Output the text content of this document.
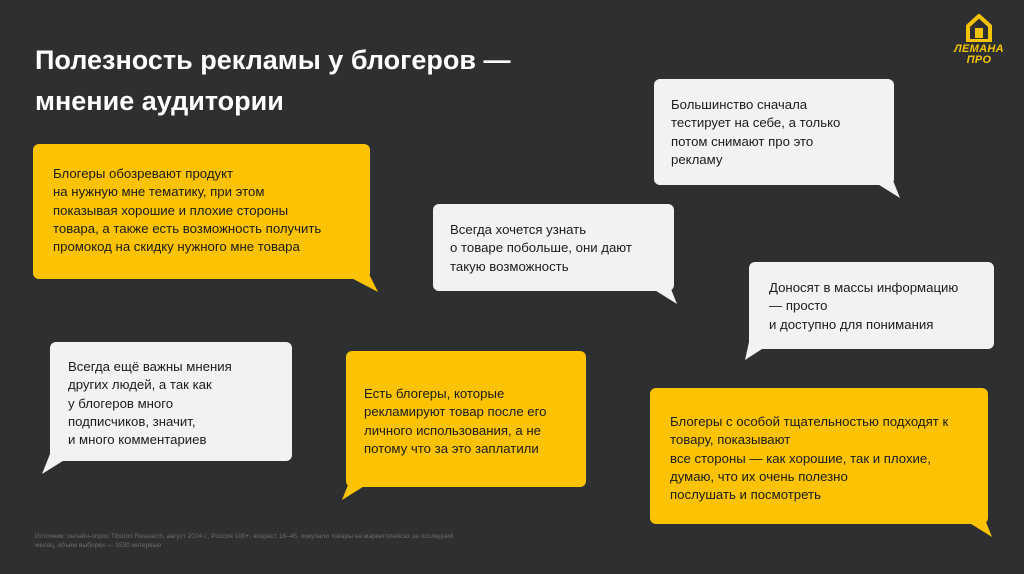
Полезность рекламы у блогеров —
мнение аудитории
ЛЕМАНА
ПРО
Блогеры обозревают продукт
на нужную мне тематику, при этом
показывая хорошие и плохие стороны
товара, а также есть возможность получить
промокод на скидку нужного мне товара
Большинство сначала
тестирует на себе, а только
потом снимают про это
рекламу
Всегда хочется узнать
о товаре побольше, они дают
такую возможность
Доносят в массы информацию
— просто
и доступно для понимания
Всегда ещё важны мнения
других людей, а так как
у блогеров много
подписчиков, значит,
и много комментариев
Есть блогеры, которые
рекламируют товар после его
личного использования, а не
потому что за это заплатили
Блогеры с особой тщательностью подходят к
товару, показывают
все стороны — как хорошие, так и плохие,
думаю, что их очень полезно
послушать и посмотреть
Источник: онлайн-опрос Tiburon Research, август 2024 г., Россия 100+, возраст 18–45, покупали товары на маркетплейсах за последний
месяц, объем выборки — 1530 интервью
